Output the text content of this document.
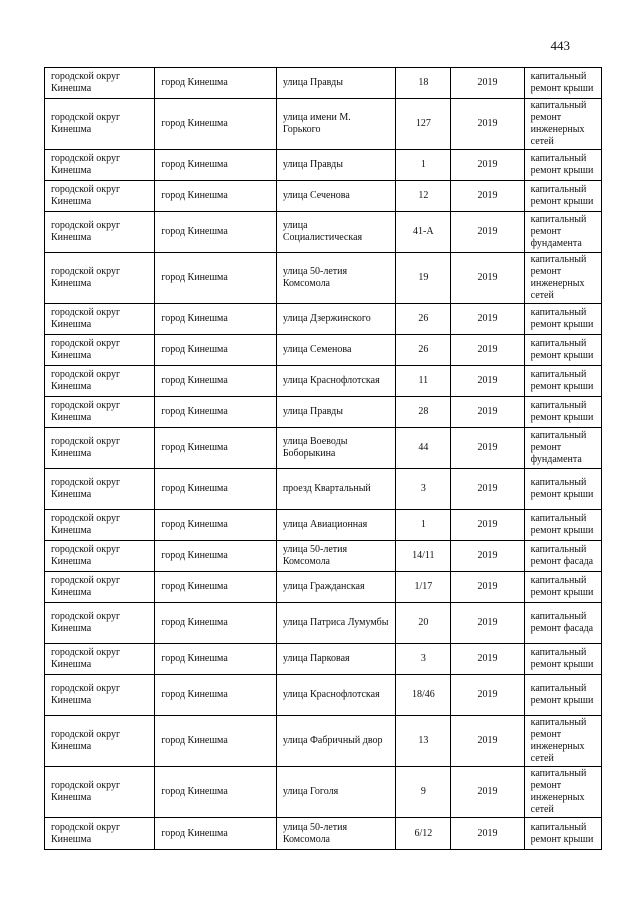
443
городской округ Кинешма	город Кинешма	улица Правды	18	2019	капитальный ремонт крыши
городской округ Кинешма	город Кинешма	улица имени М. Горького	127	2019	капитальный ремонт инженерных сетей
городской округ Кинешма	город Кинешма	улица Правды	1	2019	капитальный ремонт крыши
городской округ Кинешма	город Кинешма	улица Сеченова	12	2019	капитальный ремонт крыши
городской округ Кинешма	город Кинешма	улица Социалистическая	41-А	2019	капитальный ремонт фундамента
городской округ Кинешма	город Кинешма	улица 50-летия Комсомола	19	2019	капитальный ремонт инженерных сетей
городской округ Кинешма	город Кинешма	улица Дзержинского	26	2019	капитальный ремонт крыши
городской округ Кинешма	город Кинешма	улица Семенова	26	2019	капитальный ремонт крыши
городской округ Кинешма	город Кинешма	улица Краснофлотская	11	2019	капитальный ремонт крыши
городской округ Кинешма	город Кинешма	улица Правды	28	2019	капитальный ремонт крыши
городской округ Кинешма	город Кинешма	улица Воеводы Боборыкина	44	2019	капитальный ремонт фундамента
городской округ Кинешма	город Кинешма	проезд Квартальный	3	2019	капитальный ремонт крыши
городской округ Кинешма	город Кинешма	улица Авиационная	1	2019	капитальный ремонт крыши
городской округ Кинешма	город Кинешма	улица 50-летия Комсомола	14/11	2019	капитальный ремонт фасада
городской округ Кинешма	город Кинешма	улица Гражданская	1/17	2019	капитальный ремонт крыши
городской округ Кинешма	город Кинешма	улица Патриса Лумумбы	20	2019	капитальный ремонт фасада
городской округ Кинешма	город Кинешма	улица Парковая	3	2019	капитальный ремонт крыши
городской округ Кинешма	город Кинешма	улица Краснофлотская	18/46	2019	капитальный ремонт крыши
городской округ Кинешма	город Кинешма	улица Фабричный двор	13	2019	капитальный ремонт инженерных сетей
городской округ Кинешма	город Кинешма	улица Гоголя	9	2019	капитальный ремонт инженерных сетей
городской округ Кинешма	город Кинешма	улица 50-летия Комсомола	6/12	2019	капитальный ремонт крыши
